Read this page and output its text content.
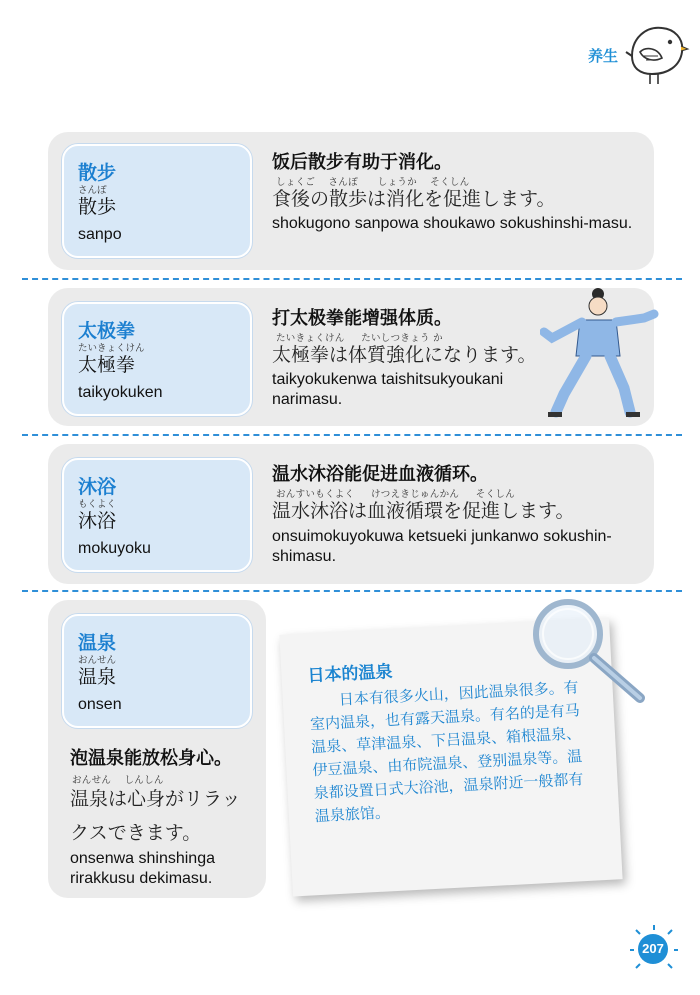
养生
散步
さんぽ
散歩
sanpo
饭后散步有助于消化。
しょくご    さんぽ      しょうか    そくしん
食後の散歩は消化を促進します。
shokugono sanpowa shoukawo sokushinshi-masu.
太极拳
たいきょくけん
太極拳
taikyokuken
打太极拳能增强体质。
たいきょくけん     たいしつきょう か
太極拳は体質強化になります。
taikyokukenwa taishitsukyoukani narimasu.
沐浴
もくよく
沐浴
mokuyoku
温水沐浴能促进血液循环。
おんすいもくよく     けつえきじゅんかん     そくしん
温水沐浴は血液循環を促進します。
onsuimokuyokuwa ketsueki junkanwo sokushin-shimasu.
温泉
おんせん
温泉
onsen
泡温泉能放松身心。
おんせん    しんしん
温泉は心身がリラッ
クスできます。
onsenwa shinshinga rirakkusu dekimasu.
日本的温泉
日本有很多火山，因此温泉很多。有室内温泉，也有露天温泉。有名的是有马温泉、草津温泉、下吕温泉、箱根温泉、伊豆温泉、由布院温泉、登别温泉等。温泉都设置日式大浴池，温泉附近一般都有温泉旅馆。
207
